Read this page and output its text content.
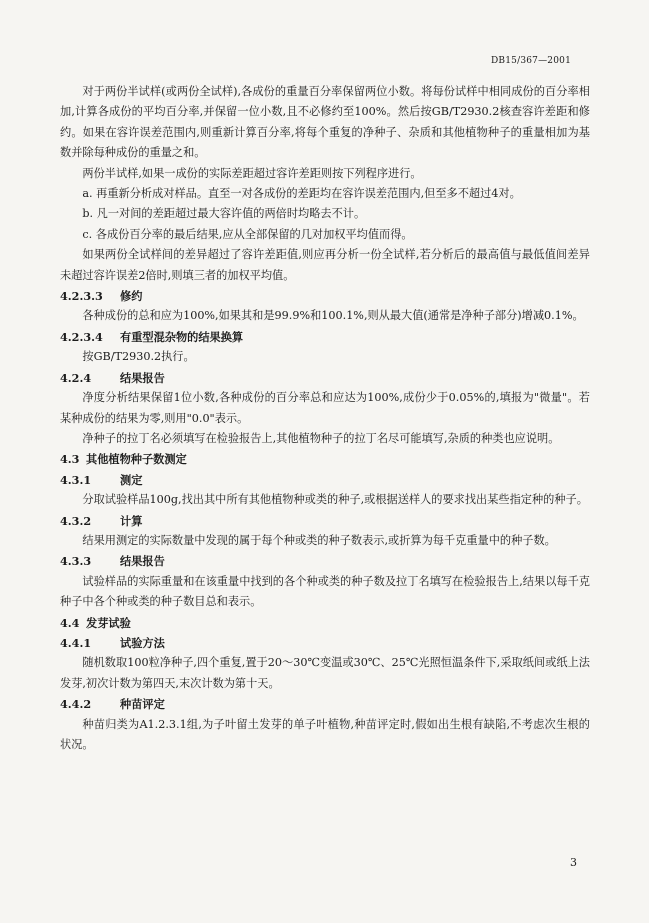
DB15/367—2001

对于两份半试样(或两份全试样),各成份的重量百分率保留两位小数。将每份试样中相同成份的百分率相加,计算各成份的平均百分率,并保留一位小数,且不必修约至100%。然后按GB/T2930.2核查容许差距和修约。如果在容许误差范围内,则重新计算百分率,将每个重复的净种子、杂质和其他植物种子的重量相加为基数并除每种成份的重量之和。

两份半试样,如果一成份的实际差距超过容许差距则按下列程序进行。

a. 再重新分析成对样品。直至一对各成份的差距均在容许误差范围内,但至多不超过4对。

b. 凡一对间的差距超过最大容许值的两倍时均略去不计。

c. 各成份百分率的最后结果,应从全部保留的几对加权平均值而得。

如果两份全试样间的差异超过了容许差距值,则应再分析一份全试样,若分析后的最高值与最低值间差异未超过容许误差2倍时,则填三者的加权平均值。

4.2.3.3 修约

各种成份的总和应为100%,如果其和是99.9%和100.1%,则从最大值(通常是净种子部分)增减0.1%。

4.2.3.4 有重型混杂物的结果换算

按GB/T2930.2执行。

4.2.4	结果报告

净度分析结果保留1位小数,各种成份的百分率总和应达为100%,成份少于0.05%的,填报为"微量"。若某种成份的结果为零,则用"0.0"表示。

净种子的拉丁名必须填写在检验报告上,其他植物种子的拉丁名尽可能填写,杂质的种类也应说明。

4.3 其他植物种子数测定

4.3.1	测定

分取试验样品100g,找出其中所有其他植物种或类的种子,或根据送样人的要求找出某些指定种的种子。

4.3.2	计算

结果用测定的实际数量中发现的属于每个种或类的种子数表示,或折算为每千克重量中的种子数。

4.3.3	结果报告

试验样品的实际重量和在该重量中找到的各个种或类的种子数及拉丁名填写在检验报告上,结果以每千克种子中各个种或类的种子数目总和表示。

4.4 发芽试验

4.4.1	试验方法

随机数取100粒净种子,四个重复,置于20～30℃变温或30℃、25℃光照恒温条件下,采取纸间或纸上法发芽,初次计数为第四天,末次计数为第十天。

4.4.2	种苗评定

种苗归类为A1.2.3.1组,为子叶留土发芽的单子叶植物,种苗评定时,假如出生根有缺陷,不考虑次生根的状况。

3
